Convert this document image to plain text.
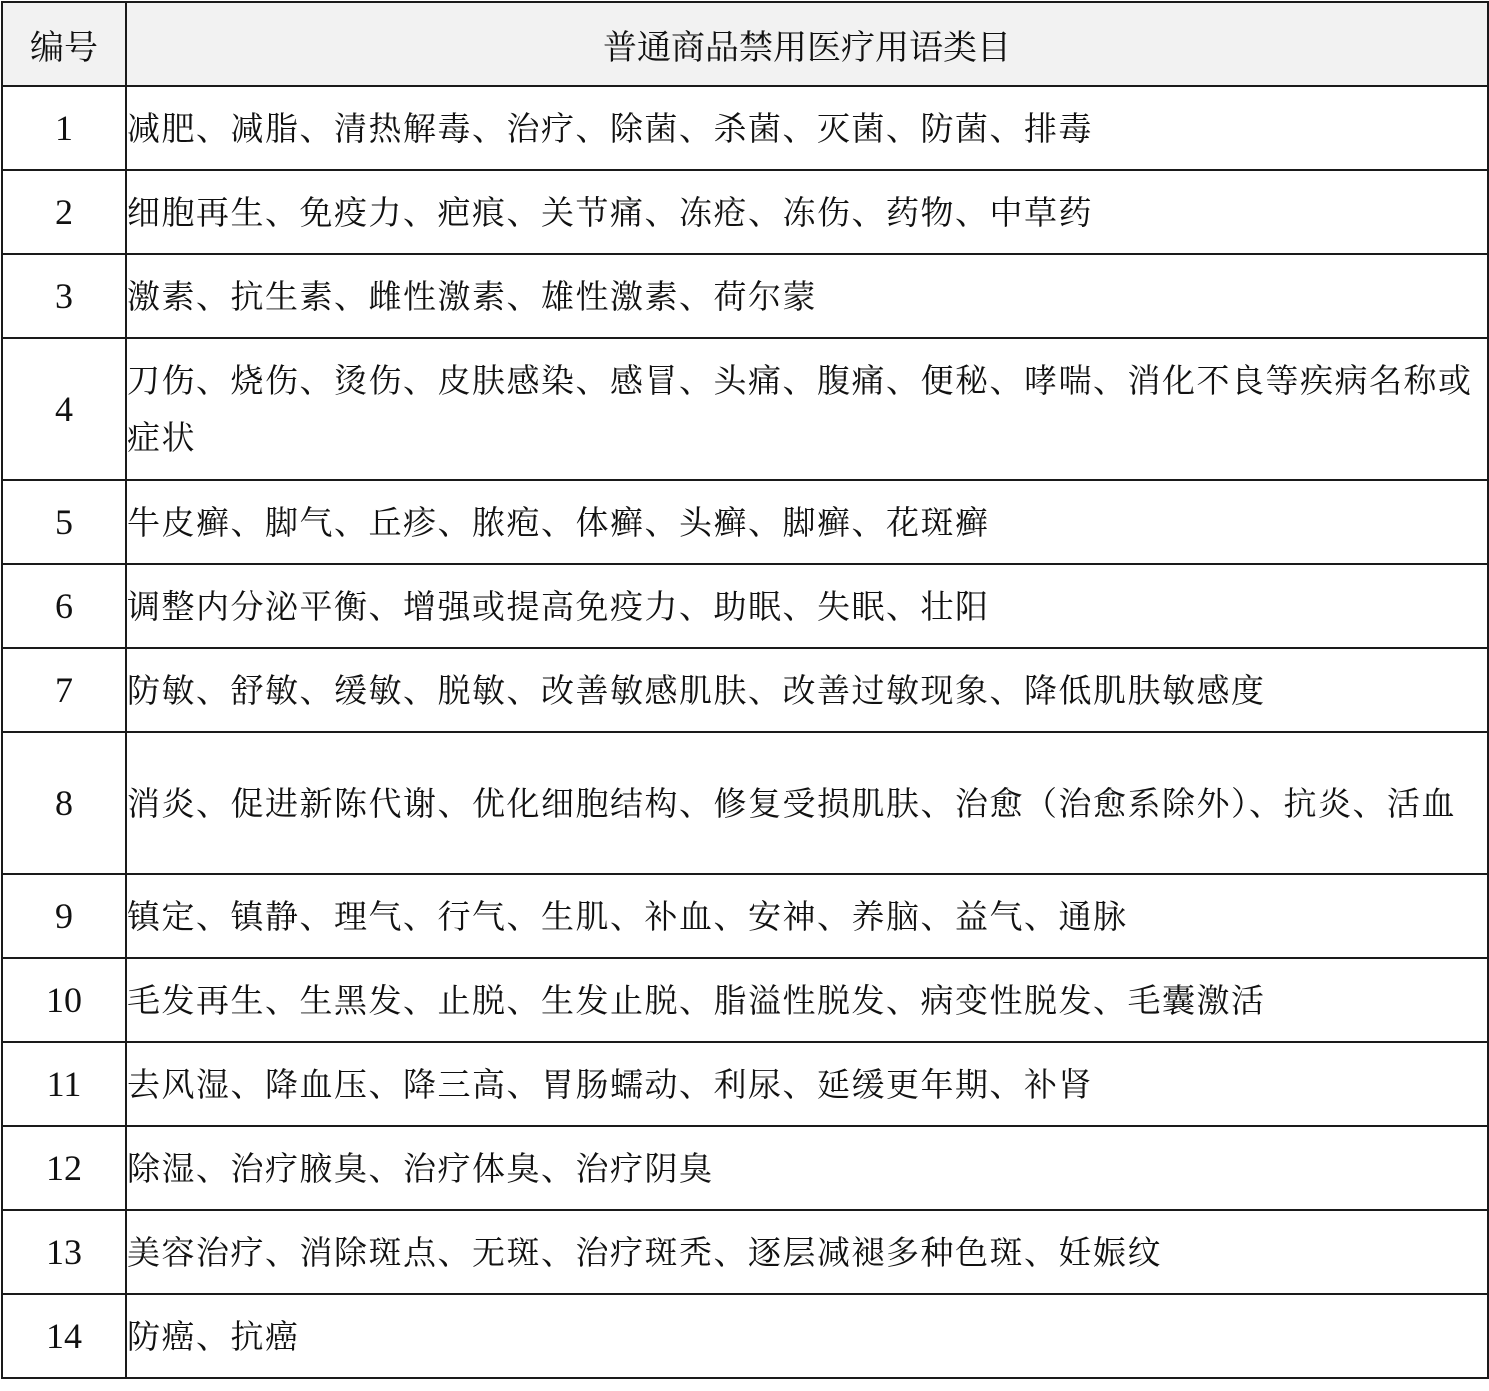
编号	普通商品禁用医疗用语类目
1	减肥、减脂、清热解毒、治疗、除菌、杀菌、灭菌、防菌、排毒
2	细胞再生、免疫力、疤痕、关节痛、冻疮、冻伤、药物、中草药
3	激素、抗生素、雌性激素、雄性激素、荷尔蒙
4	刀伤、烧伤、烫伤、皮肤感染、感冒、头痛、腹痛、便秘、哮喘、消化不良等疾病名称或症状
5	牛皮癣、脚气、丘疹、脓疱、体癣、头癣、脚癣、花斑癣
6	调整内分泌平衡、增强或提高免疫力、助眠、失眠、壮阳
7	防敏、舒敏、缓敏、脱敏、改善敏感肌肤、改善过敏现象、降低肌肤敏感度
8	消炎、促进新陈代谢、优化细胞结构、修复受损肌肤、治愈（治愈系除外）、抗炎、活血
9	镇定、镇静、理气、行气、生肌、补血、安神、养脑、益气、通脉
10	毛发再生、生黑发、止脱、生发止脱、脂溢性脱发、病变性脱发、毛囊激活
11	去风湿、降血压、降三高、胃肠蠕动、利尿、延缓更年期、补肾
12	除湿、治疗腋臭、治疗体臭、治疗阴臭
13	美容治疗、消除斑点、无斑、治疗斑秃、逐层减褪多种色斑、妊娠纹
14	防癌、抗癌
